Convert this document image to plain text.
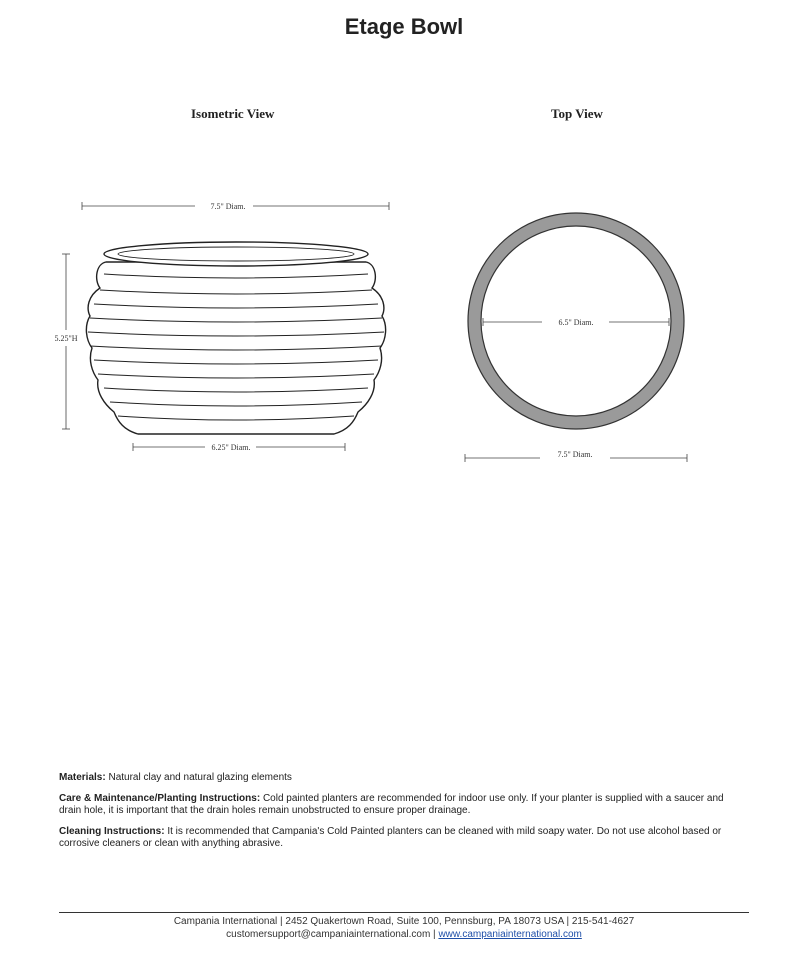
Etage Bowl
Isometric View	Top View
7.5" Diam.
5.25"H
6.25" Diam.
6.5" Diam.
7.5" Diam.

Materials: Natural clay and natural glazing elements

Care & Maintenance/Planting Instructions: Cold painted planters are recommended for indoor use only. If your planter is supplied with a saucer and drain hole, it is important that the drain holes remain unobstructed to ensure proper drainage.

Cleaning Instructions: It is recommended that Campania's Cold Painted planters can be cleaned with mild soapy water. Do not use alcohol based or corrosive cleaners or clean with anything abrasive.

Campania International | 2452 Quakertown Road, Suite 100, Pennsburg, PA 18073 USA | 215-541-4627
customersupport@campaniainternational.com | www.campaniainternational.com
